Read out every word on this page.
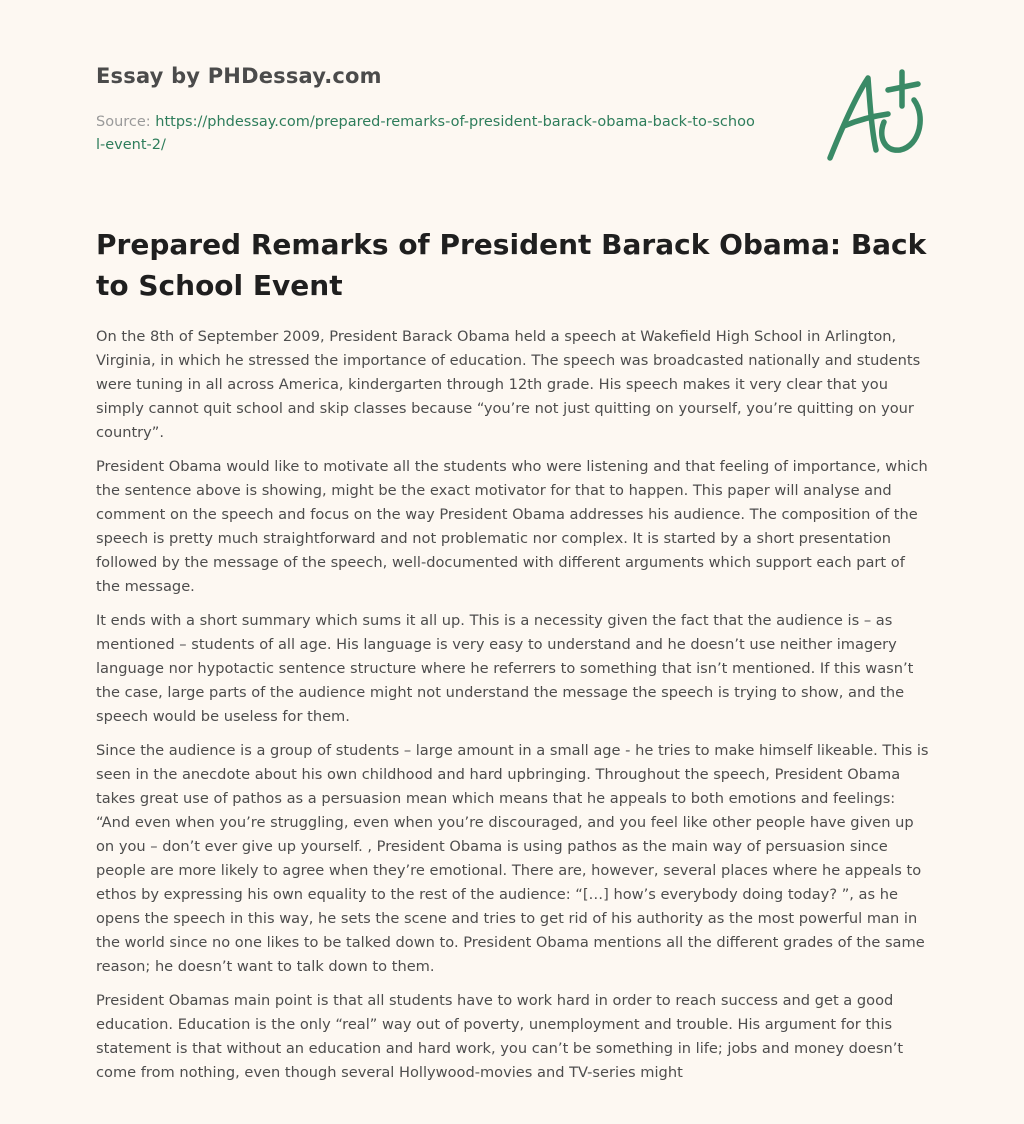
Essay by PHDessay.com
Source: https://phdessay.com/prepared-remarks-of-president-barack-obama-back-to-school-event-2/
Prepared Remarks of President Barack Obama: Back to School Event

On the 8th of September 2009, President Barack Obama held a speech at Wakefield High School in Arlington, Virginia, in which he stressed the importance of education. The speech was broadcasted nationally and students were tuning in all across America, kindergarten through 12th grade. His speech makes it very clear that you simply cannot quit school and skip classes because “you’re not just quitting on yourself, you’re quitting on your country”.

President Obama would like to motivate all the students who were listening and that feeling of importance, which the sentence above is showing, might be the exact motivator for that to happen. This paper will analyse and comment on the speech and focus on the way President Obama addresses his audience. The composition of the speech is pretty much straightforward and not problematic nor complex. It is started by a short presentation followed by the message of the speech, well-documented with different arguments which support each part of the message.

It ends with a short summary which sums it all up. This is a necessity given the fact that the audience is – as mentioned – students of all age. His language is very easy to understand and he doesn’t use neither imagery language nor hypotactic sentence structure where he referrers to something that isn’t mentioned. If this wasn’t the case, large parts of the audience might not understand the message the speech is trying to show, and the speech would be useless for them.

Since the audience is a group of students – large amount in a small age - he tries to make himself likeable. This is seen in the anecdote about his own childhood and hard upbringing. Throughout the speech, President Obama takes great use of pathos as a persuasion mean which means that he appeals to both emotions and feelings: “And even when you’re struggling, even when you’re discouraged, and you feel like other people have given up on you – don’t ever give up yourself. , President Obama is using pathos as the main way of persuasion since people are more likely to agree when they’re emotional. There are, however, several places where he appeals to ethos by expressing his own equality to the rest of the audience: “[…] how’s everybody doing today? ”, as he opens the speech in this way, he sets the scene and tries to get rid of his authority as the most powerful man in the world since no one likes to be talked down to. President Obama mentions all the different grades of the same reason; he doesn’t want to talk down to them.

President Obamas main point is that all students have to work hard in order to reach success and get a good education. Education is the only “real” way out of poverty, unemployment and trouble. His argument for this statement is that without an education and hard work, you can’t be something in life; jobs and money doesn’t come from nothing, even though several Hollywood-movies and TV-series might
